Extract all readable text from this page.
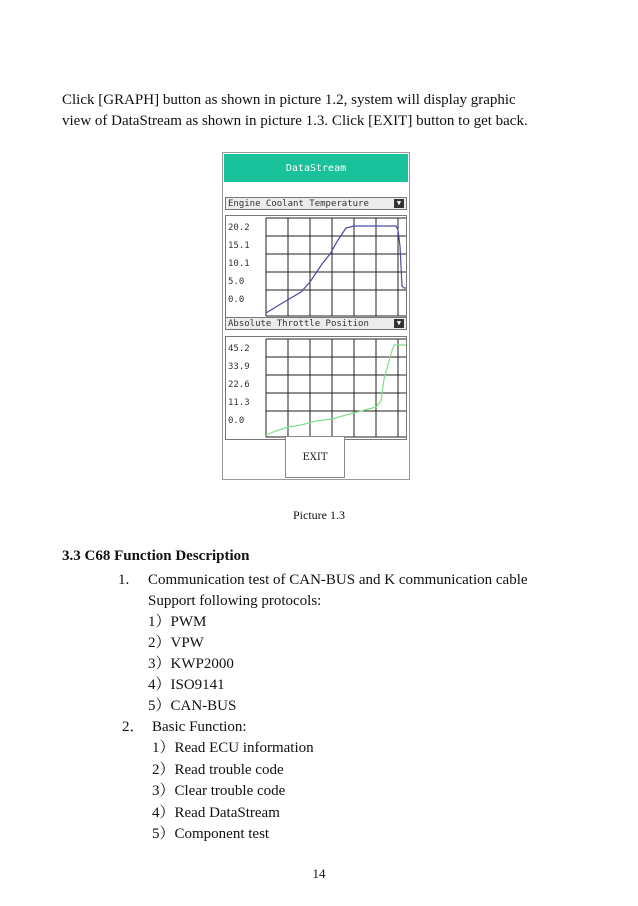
Click [GRAPH] button as shown in picture 1.2, system will display graphic

view of DataStream as shown in picture 1.3. Click [EXIT] button to get back.

DataStream
Engine Coolant Temperature	▼
20.2
15.1
10.1
5.0
0.0
Absolute Throttle Position	▼
45.2
33.9
22.6
11.3
0.0
EXIT
Picture 1.3
3.3 C68 Function Description
1. Communication test of CAN-BUS and K communication cable
Support following protocols:
1）PWM
2）VPW
3）KWP2000
4）ISO9141
5）CAN-BUS
2． Basic Function:
1）Read ECU information
2）Read trouble code
3）Clear trouble code
4）Read DataStream
5）Component test
14
